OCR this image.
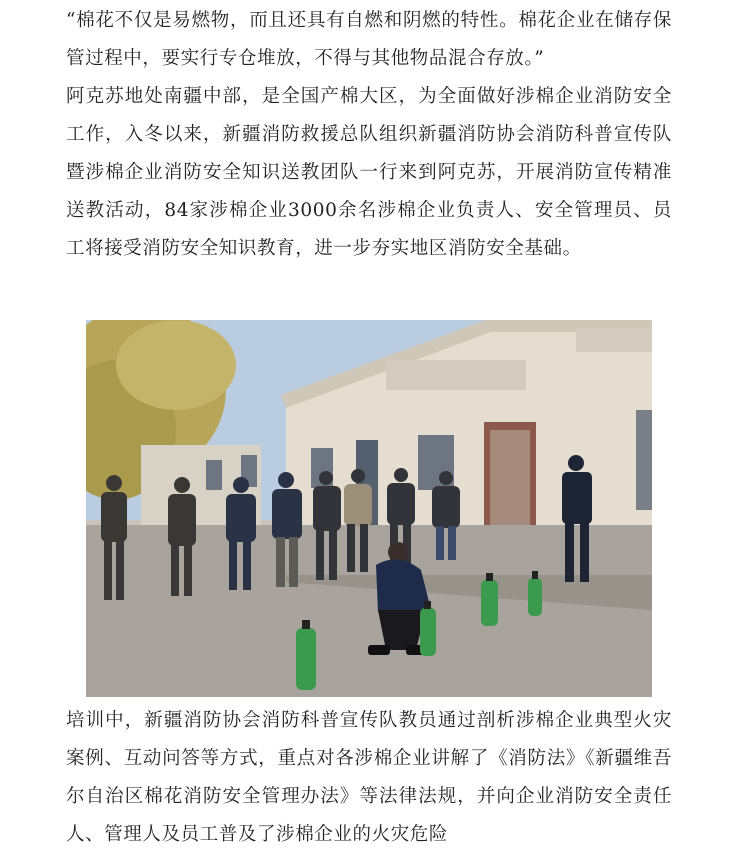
“棉花不仅是易燃物，而且还具有自燃和阴燃的特性。棉花企业在储存保管过程中，要实行专仓堆放，不得与其他物品混合存放。”

阿克苏地处南疆中部，是全国产棉大区，为全面做好涉棉企业消防安全工作，入冬以来，新疆消防救援总队组织新疆消防协会消防科普宣传队暨涉棉企业消防安全知识送教团队一行来到阿克苏，开展消防宣传精准送教活动，84家涉棉企业3000余名涉棉企业负责人、安全管理员、员工将接受消防安全知识教育，进一步夯实地区消防安全基础。

培训中，新疆消防协会消防科普宣传队教员通过剖析涉棉企业典型火灾案例、互动问答等方式，重点对各涉棉企业讲解了《消防法》《新疆维吾尔自治区棉花消防安全管理办法》等法律法规，并向企业消防安全责任人、管理人及员工普及了涉棉企业的火灾危险
